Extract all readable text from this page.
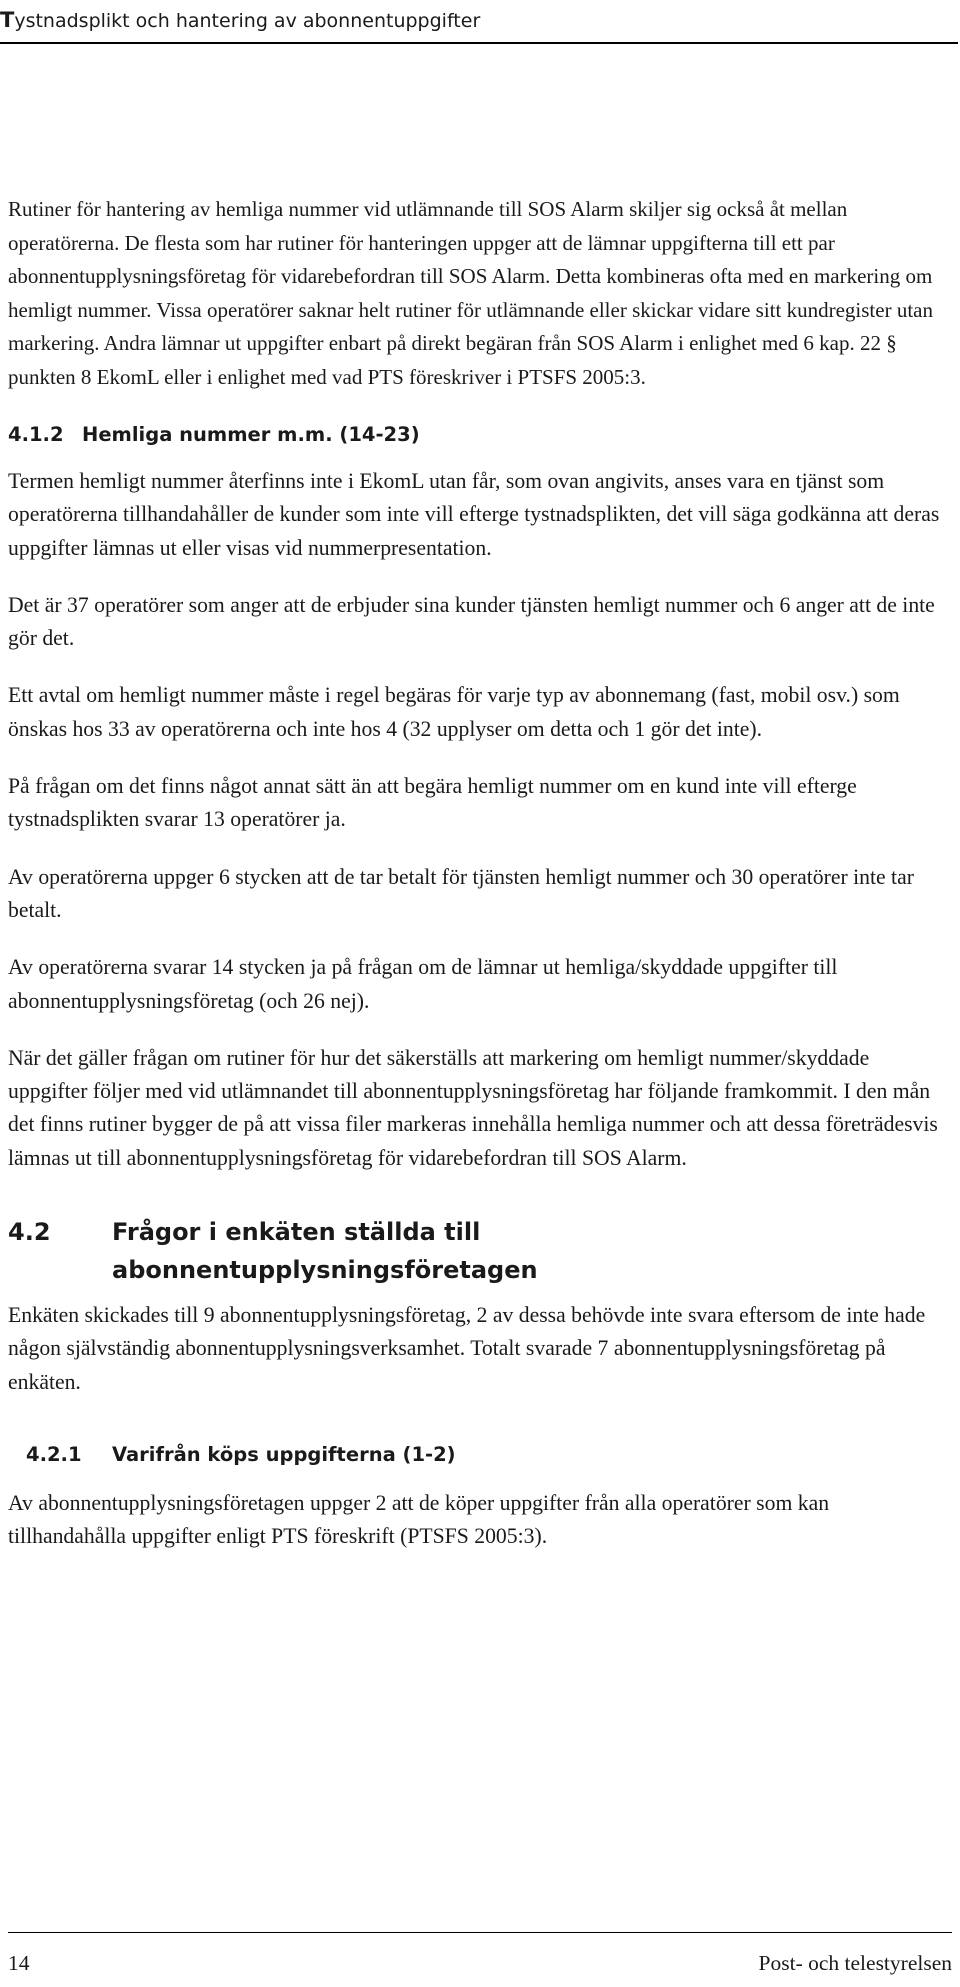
Tystnadsplikt och hantering av abonnentuppgifter

Rutiner för hantering av hemliga nummer vid utlämnande till SOS Alarm skiljer sig också åt mellan operatörerna. De flesta som har rutiner för hanteringen uppger att de lämnar uppgifterna till ett par abonnentupplysningsföretag för vidarebefordran till SOS Alarm. Detta kombineras ofta med en markering om hemligt nummer. Vissa operatörer saknar helt rutiner för utlämnande eller skickar vidare sitt kundregister utan markering. Andra lämnar ut uppgifter enbart på direkt begäran från SOS Alarm i enlighet med 6 kap. 22 § punkten 8 EkomL eller i enlighet med vad PTS föreskriver i PTSFS 2005:3.

4.1.2 Hemliga nummer m.m. (14-23)

Termen hemligt nummer återfinns inte i EkomL utan får, som ovan angivits, anses vara en tjänst som operatörerna tillhandahåller de kunder som inte vill efterge tystnadsplikten, det vill säga godkänna att deras uppgifter lämnas ut eller visas vid nummerpresentation.

Det är 37 operatörer som anger att de erbjuder sina kunder tjänsten hemligt nummer och 6 anger att de inte gör det.

Ett avtal om hemligt nummer måste i regel begäras för varje typ av abonnemang (fast, mobil osv.) som önskas hos 33 av operatörerna och inte hos 4 (32 upplyser om detta och 1 gör det inte).

På frågan om det finns något annat sätt än att begära hemligt nummer om en kund inte vill efterge tystnadsplikten svarar 13 operatörer ja.

Av operatörerna uppger 6 stycken att de tar betalt för tjänsten hemligt nummer och 30 operatörer inte tar betalt.

Av operatörerna svarar 14 stycken ja på frågan om de lämnar ut hemliga/skyddade uppgifter till abonnentupplysningsföretag (och 26 nej).

När det gäller frågan om rutiner för hur det säkerställs att markering om hemligt nummer/skyddade uppgifter följer med vid utlämnandet till abonnentupplysningsföretag har följande framkommit. I den mån det finns rutiner bygger de på att vissa filer markeras innehålla hemliga nummer och att dessa företrädesvis lämnas ut till abonnentupplysningsföretag för vidarebefordran till SOS Alarm.

4.2	Frågor i enkäten ställda till abonnentupplysningsföretagen

Enkäten skickades till 9 abonnentupplysningsföretag, 2 av dessa behövde inte svara eftersom de inte hade någon självständig abonnentupplysningsverksamhet. Totalt svarade 7 abonnentupplysningsföretag på enkäten.

4.2.1	Varifrån köps uppgifterna (1-2)

Av abonnentupplysningsföretagen uppger 2 att de köper uppgifter från alla operatörer som kan tillhandahålla uppgifter enligt PTS föreskrift (PTSFS 2005:3).

14	Post- och telestyrelsen
